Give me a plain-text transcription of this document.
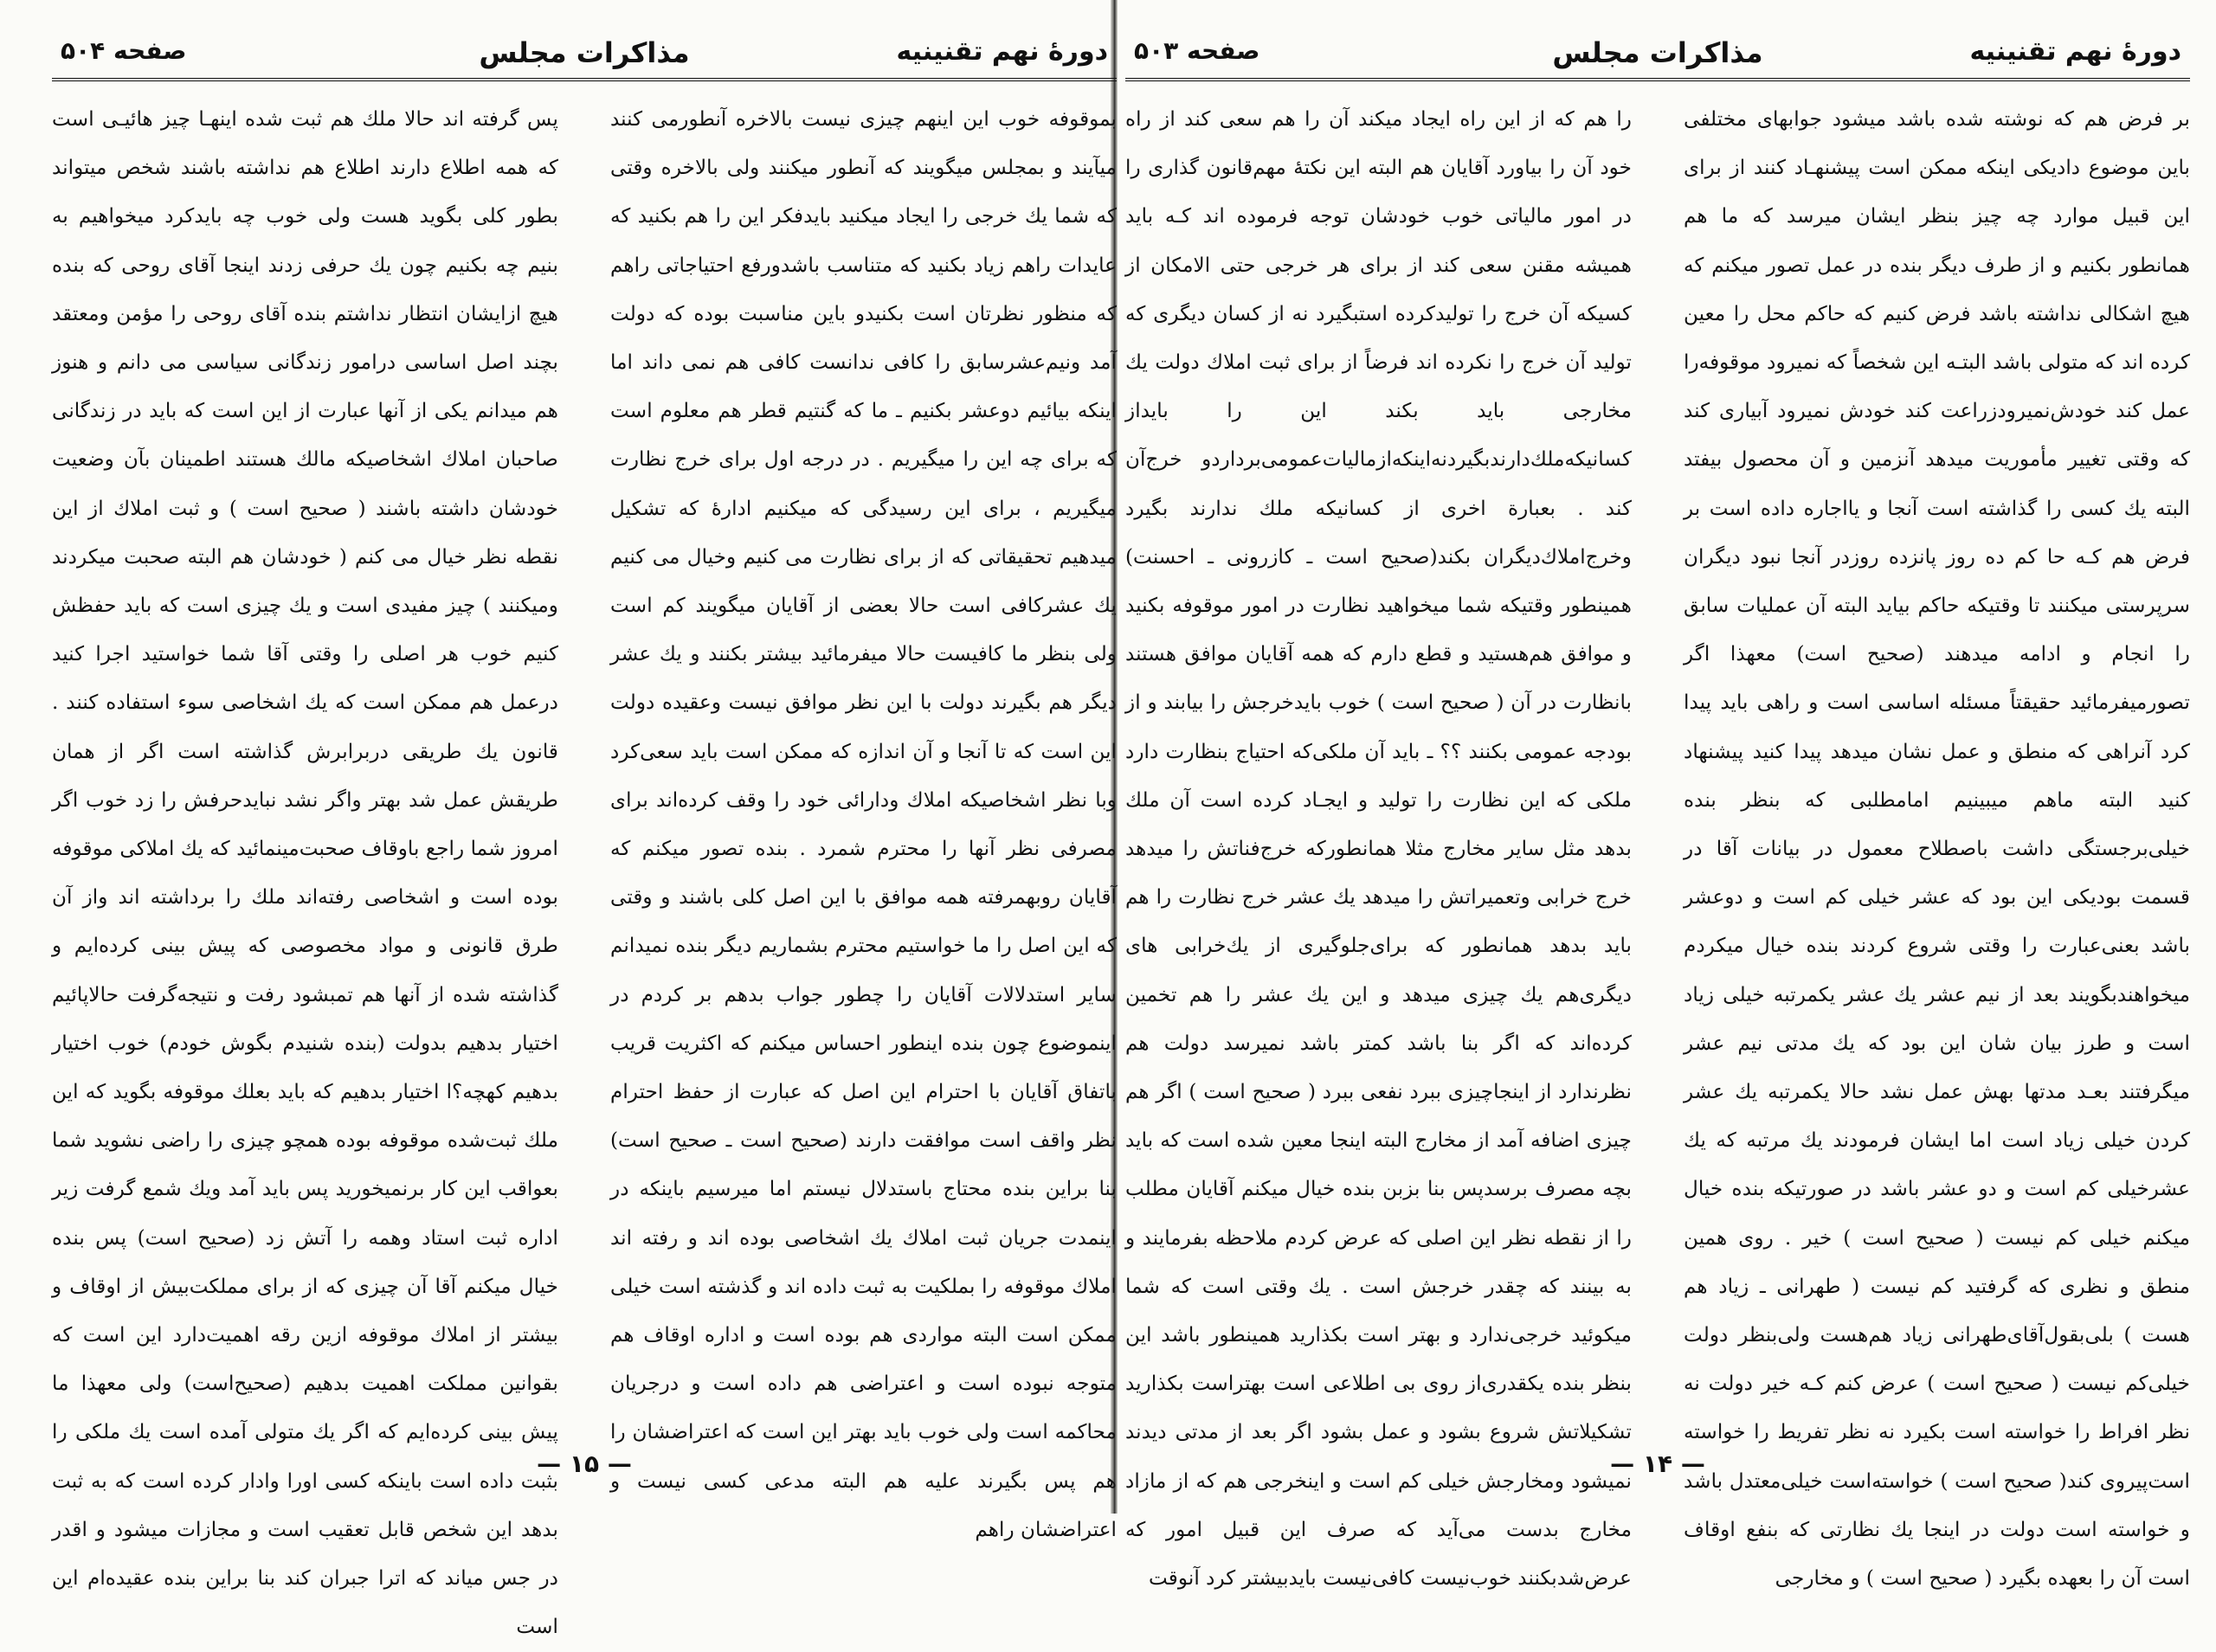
دورهٔ نهم تقنینیه
مذاکرات مجلس
صفحه ۵۰۴

بموقوفه خوب این اینهم چیزی نیست بالاخره آنطورمی کنند میآیند و بمجلس میگویند که آنطور میکنند ولی بالاخره وقتی که شما یك خرجی را ایجاد میکنید بایدفکر این را هم بکنید که عایدات راهم زیاد بکنید که متناسب باشدورفع احتیاجاتی راهم که منظور نظرتان است بکنیدو باین مناسبت بوده که دولت آمد ونیم‌عشرسابق را کافی ندانست کافی هم نمی داند اما اینکه بیائیم دوعشر بکنیم ـ ما که گنتیم قطر هم معلوم است که برای چه این را میگیریم . در درجه اول برای خرج نظارت میگیریم ، برای این رسیدگی که میکنیم اداره‌ٔ که تشکیل میدهیم تحقیقاتی که از برای نظارت می کنیم وخیال می کنیم یك عشرکافی است حالا بعضی از آقایان میگویند کم است ولی بنظر ما کافیست حالا میفرمائید بیشتر بکنند و یك عشر دیگر هم بگیرند دولت با این نظر موافق نیست وعقیده دولت این است که تا آنجا و آن اندازه که ممکن است باید سعی‌کرد وبا نظر اشخاصیکه املاك ودارائی خود را وقف کرده‌اند برای مصرفی نظر آنها را محترم شمرد . بنده تصور میکنم که آقایان روبهمرفته همه موافق با این اصل کلی باشند و وقتی که این اصل را ما خواستیم محترم بشماریم دیگر بنده نمیدانم سایر استدلالات آقایان را چطور جواب بدهم بر کردم در اینموضوع چون بنده اینطور احساس میکنم که اکثریت قریب باتفاق آقایان با احترام این اصل که عبارت از حفظ احترام نظر واقف است موافقت دارند (صحیح است ـ صحیح است) بنا براین بنده محتاج باستدلال نیستم اما میرسیم باینکه در اینمدت جریان ثبت املاك یك اشخاصی بوده اند و رفته اند املاك موقوفه را بملکیت به ثبت داده اند و گذشته است خیلی ممکن است البته مواردی هم بوده است و اداره اوقاف هم متوجه نبوده است و اعتراضی هم داده است و درجریان محاکمه است ولی خوب باید بهتر این است که اعتراضشان را هم پس بگیرند علیه هم البته مدعی کسی نیست و اعتراضشان راهم

پس گرفته اند حالا ملك هم ثبت شده اینهـا چیز هائیـی است که همه اطلاع دارند اطلاع هم نداشته باشند شخص میتواند بطور کلی بگوید هست ولی خوب چه بایدکرد میخواهیم به بنیم چه بکنیم چون یك حرفی زدند اینجا آقای روحی که بنده هیچ ازایشان انتظار نداشتم بنده آقای روحی را مؤمن ومعتقد بچند اصل اساسی درامور زندگانی سیاسی می دانم و هنوز هم میدانم یکی از آنها عبارت از این است که باید در زندگانی صاحبان املاك اشخاصیکه مالك هستند اطمینان بآن وضعیت خودشان داشته باشند ( صحیح است ) و ثبت املاك از این نقطه نظر خیال می کنم ( خودشان هم البته صحبت میکردند ومیکنند ) چیز مفیدی است و یك چیزی است که باید حفظش کنیم خوب هر اصلی را وقتی آقا شما خواستید اجرا کنید درعمل هم ممکن است که یك اشخاصی سوء استفاده کنند . قانون یك طریقی دربرابرش گذاشته است اگر از همان طریقش عمل شد بهتر واگر نشد نبایدحرفش را زد خوب اگر امروز شما راجع باوقاف صحبت‌مینمائید که یك املاکی موقوفه بوده است و اشخاصی رفته‌اند ملك را برداشته اند واز آن طرق قانونی و مواد مخصوصی که پیش بینی کرده‌ایم و گذاشته شده از آنها هم تمبشود رفت و نتیجه‌گرفت حالاپائیم اختیار بدهیم بدولت (بنده شنیدم بگوش خودم) خوب اختیار بدهیم کهچه؟ا اختیار بدهیم که باید بعلك موقوفه بگوید که این ملك ثبت‌شده موقوفه بوده همچو چیزی را راضی نشوید شما بعواقب این کار برنمیخورید پس باید آمد ویك شمع گرفت زیر اداره ثبت استاد وهمه را آتش زد (صحیح است) پس بنده خیال میکنم آقا آن چیزی که از برای مملکت‌بیش از اوقاف و بیشتر از املاك موقوفه ازین رقه اهمیت‌دارد این است که بقوانین مملکت اهمیت بدهیم (صحیح‌است) ولی معهذا ما پیش بینی کرده‌ایم که اگر یك متولی آمده است یك ملکی را بثبت داده است باینکه کسی اورا وادار کرده است که به ثبت بدهد این شخص قابل تعقیب است و مجازات میشود و اقدر در جس میاند که اترا جبران کند بنا براین بنده عقیده‌ام این است

— ۱۵ —
دورهٔ نهم تقنینیه
مذاکرات مجلس
صفحه ۵۰۳

بر فرض هم که نوشته شده باشد میشود جوابهای مختلفی باین موضوع دادیکی اینکه ممکن است پیشنهـاد کنند از برای این قبیل موارد چه چیز بنظر ایشان میرسد که ما هم همانطور بکنیم و از طرف دیگر بنده در عمل تصور میکنم که هیچ اشکالی نداشته باشد فرض کنیم که حاکم محل را معین کرده اند که متولی باشد البتـه این شخصاً که نمیرود موقوفه‌را عمل کند خودش‌نمیرودزراعت کند خودش نمیرود آبیاری کند که وقتی تغییر مأموریت میدهد آنزمین و آن محصول بیفتد البته یك کسی را گذاشته است آنجا و یااجاره داده است بر فرض هم کـه حا کم ده روز پانزده روزدر آنجا نبود دیگران سرپرستی میکنند تا وقتیکه حاکم بیاید البته آن عملیات سابق را انجام و ادامه میدهند (صحیح است) معهذا اگر تصورمیفرمائید حقیقتاً مسئله اساسی است و راهی باید پیدا کرد آنراهی که منطق و عمل نشان میدهد پیدا کنید پیشنهاد کنید البته ماهم میبینیم امامطلبی که بنظر بنده خیلی‌برجستگی داشت باصطلاح معمول در بیانات آقا در قسمت بودیکی این بود که عشر خیلی کم است و دوعشر باشد بعنی‌عبارت را وقتی شروع کردند بنده خیال میکردم میخواهندبگویند بعد از نیم عشر یك عشر یکمرتبه خیلی زیاد است و طرز بیان شان این بود که یك مدتی نیم عشر میگرفتند بعـد مدتها بهش عمل نشد حالا یکمرتبه یك عشر کردن خیلی زیاد است اما ایشان فرمودند یك مرتبه که یك عشرخیلی کم است و دو عشر باشد در صورتیکه بنده خیال میکنم خیلی کم نیست ( صحیح است ) خیر . روی همین منطق و نظری که گرفتید کم نیست ( طهرانی ـ زیاد هم هست ) بلی‌بقول‌آقای‌طهرانی زیاد هم‌هست ولی‌بنظر دولت خیلی‌کم نیست ( صحیح است ) عرض کنم کـه خیر دولت نه نظر افراط را خواسته است بکیرد نه نظر تفریط را خواسته است‌پیروی کند( صحیح است ) خواسته‌است خیلی‌معتدل باشد و خواسته است دولت در اینجا یك نظارتی که بنفع اوقاف است آن را بعهده بگیرد ( صحیح است ) و مخارجی

را هم که از این راه ایجاد میکند آن را هم سعی کند از راه خود آن را بیاورد آقایان هم البته این نکته‌ٔ مهم‌قانون گذاری را در امور مالیاتی خوب خودشان توجه فرموده اند کـه باید همیشه مقنن سعی کند از برای هر خرجی حتی الامکان از کسیکه آن خرج را تولیدکرده استبگیرد نه از کسان دیگری که تولید آن خرج را نکرده اند فرضاً از برای ثبت املاك دولت یك مخارجی باید بکند این را بایداز کسانیکه‌ملك‌دارند‌بگیرد‌نه‌اینکه‌ازمالیات‌عمومی‌بردارد‌و خرج‌آن کند . بعبارة اخری از کسانیکه ملك ندارند بگیرد وخرج‌املاك‌دیگران بکند(صحیح است ـ کازرونی ـ احسنت) همینطور وقتیکه شما میخواهید نظارت در امور موقوفه بکنید و موافق هم‌هستید و قطع دارم که همه آقایان موافق هستند بانظارت در آن ( صحیح است ) خوب بایدخرجش را بیابند و از بودجه عمومی بکنند ؟؟ ـ باید آن ملکی‌که احتیاج بنظارت دارد ملکی که این نظارت را تولید و ایجـاد کرده است آن ملك بدهد مثل سایر مخارج مثلا همانطورکه خرج‌فناتش را میدهد خرج خرابی وتعمیراتش را میدهد یك عشر خرج نظارت را هم باید بدهد همانطور که برای‌جلوگیری از یك‌خرابی های دیگری‌هم یك چیزی میدهد و این یك عشر را هم تخمین کرده‌اند که اگر بنا باشد کمتر باشد نمیرسد دولت هم نظرندارد از اینجاچیزی ببرد نفعی ببرد ( صحیح است ) اگر هم چیزی اضافه آمد از مخارج البته اینجا معین شده است که باید بچه مصرف برسدپس بنا بزبن بنده خیال میکنم آقایان مطلب را از نقطه نظر این اصلی که عرض کردم ملاحظه بفرمایند و به بینند که چقدر خرجش است . یك وقتی است که شما میکوئید خرجی‌ندارد و بهتر است بکذارید همینطور باشد این بنظر بنده یکقدری‌از روی بی اطلاعی است بهتراست بکذارید تشکیلاتش شروع بشود و عمل بشود اگر بعد از مدتی دیدند‌ نمیشود ومخارجش خیلی کم است و اینخرجی هم که از مازاد مخارج بدست می‌آید که صرف این قبیل امور که عرض‌شد‌بکنند خوب‌نیست کافی‌نیست بایدبیشتر کرد آنوقت

— ۱۴ —
